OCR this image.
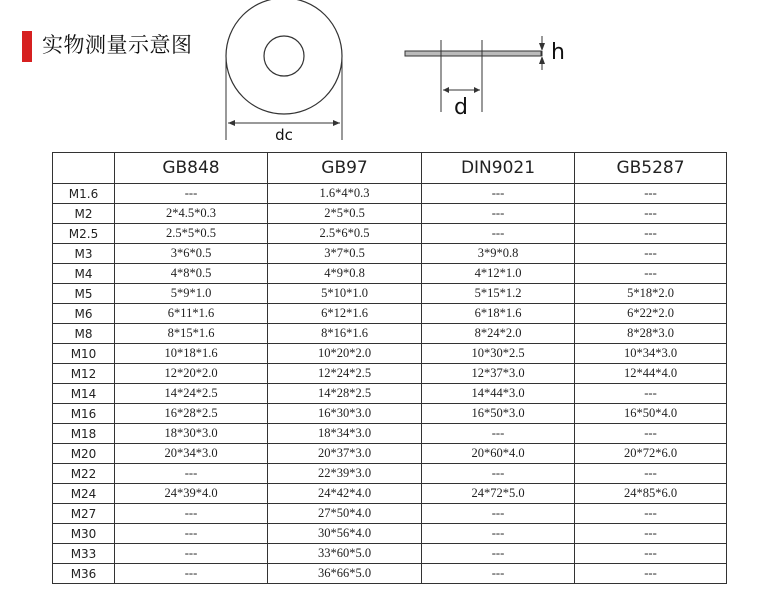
实物测量示意图
dc
d
h
	GB848	GB97	DIN9021	GB5287
M1.6	---	1.6*4*0.3	---	---
M2	2*4.5*0.3	2*5*0.5	---	---
M2.5	2.5*5*0.5	2.5*6*0.5	---	---
M3	3*6*0.5	3*7*0.5	3*9*0.8	---
M4	4*8*0.5	4*9*0.8	4*12*1.0	---
M5	5*9*1.0	5*10*1.0	5*15*1.2	5*18*2.0
M6	6*11*1.6	6*12*1.6	6*18*1.6	6*22*2.0
M8	8*15*1.6	8*16*1.6	8*24*2.0	8*28*3.0
M10	10*18*1.6	10*20*2.0	10*30*2.5	10*34*3.0
M12	12*20*2.0	12*24*2.5	12*37*3.0	12*44*4.0
M14	14*24*2.5	14*28*2.5	14*44*3.0	---
M16	16*28*2.5	16*30*3.0	16*50*3.0	16*50*4.0
M18	18*30*3.0	18*34*3.0	---	---
M20	20*34*3.0	20*37*3.0	20*60*4.0	20*72*6.0
M22	---	22*39*3.0	---	---
M24	24*39*4.0	24*42*4.0	24*72*5.0	24*85*6.0
M27	---	27*50*4.0	---	---
M30	---	30*56*4.0	---	---
M33	---	33*60*5.0	---	---
M36	---	36*66*5.0	---	---
